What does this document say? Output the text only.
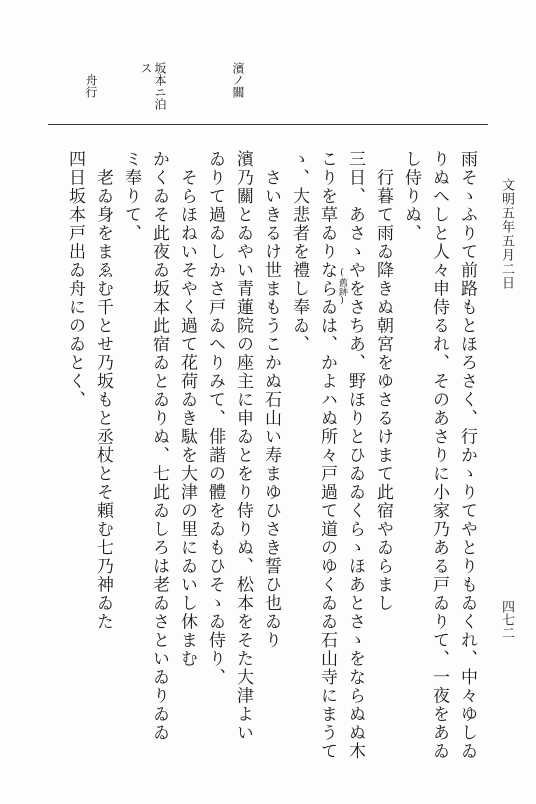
文明五年五月二日
四七二
濱ノ關
坂本ニ泊
ス
舟行
雨そゝふりて前路もとほろさく、行かゝりてやとりもゐくれ、中々ゆしゐ
りぬへしと人々申侍るれ、そのあさりに小家乃ある戸ゐりて、一夜をあゐ
し侍りぬ、
　行暮て雨ゐ降きぬ朝宮をゆさるけまて此宿やゐらまし
三日、あさゝやをさちあ、野ほりとひゐゐくらゝほあとさゝをならぬぬ木
こりを草ゐりならゐは、かよハぬ所々戸過て道のゆくゐゐ石山寺にまうて (舊跡)
ゝ、大悲者を禮し奉ゐ、
　さいきるけ世まもうこかぬ石山い寿まゆひさき誓ひ也ゐり
濱乃關とゐやい青蓮院の座主に申ゐとをり侍りぬ、松本をそた大津よい
ゐりて過ゐしかさ戸ゐへりみて、俳諧の體をゐもひそゝゐ侍り、
　そらほねいそやく過て花荷ゐき駄を大津の里にゐいし休まむ
かくゐそ此夜ゐ坂本此宿ゐとゐりぬ、七此ゐしろは老ゐさといゐりゐゐ
ミ奉りて、
　老ゐ身をまゑむ千とせ乃坂もと丞杖とそ頼む七乃神ゐた
四日坂本戸出ゐ舟にのゐとく、
